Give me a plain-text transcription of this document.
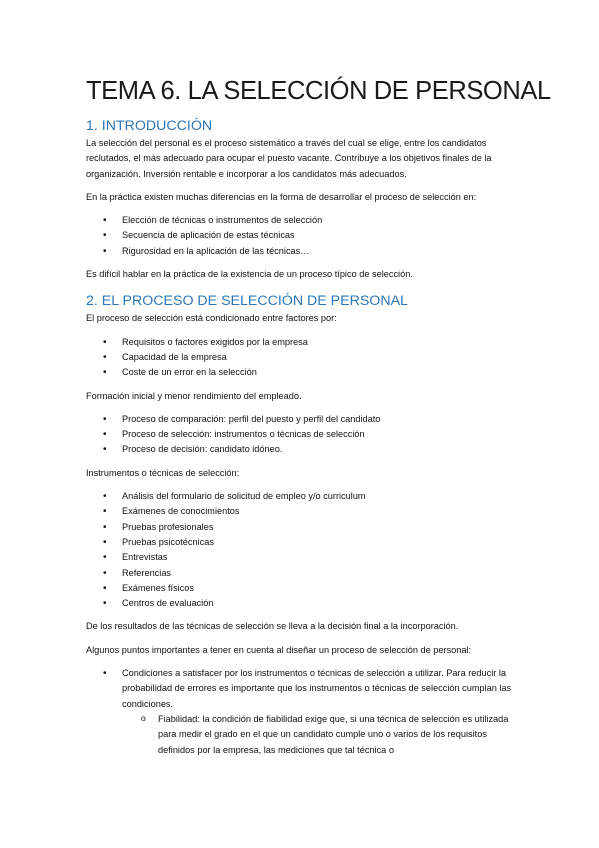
TEMA 6. LA SELECCIÓN DE PERSONAL
1. INTRODUCCIÓN

La selección del personal es el proceso sistemático a través del cual se elige, entre los candidatos reclutados, el más adecuado para ocupar el puesto vacante. Contribuye a los objetivos finales de la organización. Inversión rentable e incorporar a los candidatos más adecuados.

En la práctica existen muchas diferencias en la forma de desarrollar el proceso de selección en:

• Elección de técnicas o instrumentos de selección
• Secuencia de aplicación de estas técnicas
• Rigurosidad en la aplicación de las técnicas…

Es difícil hablar en la práctica de la existencia de un proceso típico de selección.

2. EL PROCESO DE SELECCIÓN DE PERSONAL

El proceso de selección está condicionado entre factores por:

• Requisitos o factores exigidos por la empresa
• Capacidad de la empresa
• Coste de un error en la selección

Formación inicial y menor rendimiento del empleado.

• Proceso de comparación: perfil del puesto y perfil del candidato
• Proceso de selección: instrumentos o técnicas de selección
• Proceso de decisión: candidato idóneo.

Instrumentos o técnicas de selección:

• Análisis del formulario de solicitud de empleo y/o curriculum
• Exámenes de conocimientos
• Pruebas profesionales
• Pruebas psicotécnicas
• Entrevistas
• Referencias
• Exámenes físicos
• Centros de evaluación

De los resultados de las técnicas de selección se lleva a la decisión final a la incorporación.

Algunos puntos importantes a tener en cuenta al diseñar un proceso de selección de personal:

• Condiciones a satisfacer por los instrumentos o técnicas de selección a utilizar. Para reducir la probabilidad de errores es importante que los instrumentos o técnicas de selección cumplan las condiciones.
o Fiabilidad: la condición de fiabilidad exige que, si una técnica de selección es utilizada para medir el grado en el que un candidato cumple uno o varios de los requisitos definidos por la empresa, las mediciones que tal técnica o
